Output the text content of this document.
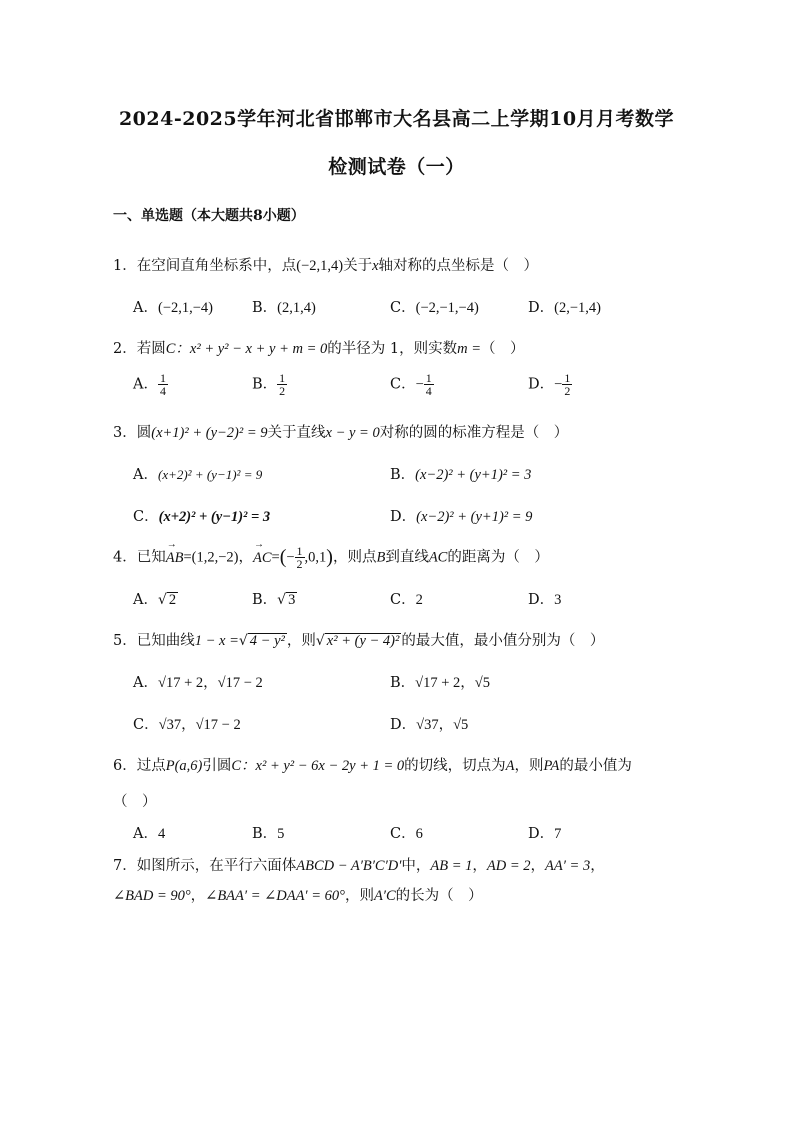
2024-2025学年河北省邯郸市大名县高二上学期10月月考数学
检测试卷（一）
一、单选题（本大题共8小题）
1．在空间直角坐标系中，点(−2,1,4)关于x轴对称的点坐标是（　）
A．(−2,1,−4)	B．(2,1,4)	C．(−2,−1,−4)	D．(2,−1,4)
2．若圆C：x² + y² − x + y + m = 0的半径为 1，则实数m =（　）
A． $\frac{1}{4}$	B． $\frac{1}{2}$	C．− $\frac{1}{4}$	D．− $\frac{1}{2}$
3．圆(x+1)² + (y−2)² = 9关于直线x − y = 0对称的圆的标准方程是（　）
A．(x+2)² + (y−1)² = 9	B．(x−2)² + (y+1)² = 3
C．(x+2)² + (y−1)² = 3	D．(x−2)² + (y+1)² = 9
4．已知→ AB=(1,2,−2)，→ $AC=(- \frac{1}{2} ,0,1)$，则点B到直线AC的距离为（　）
A．√ 2	B．√ 3	C．2	D．3
5．已知曲线1 − x =√ 4 − y² ，则√ x² + (y − 4)² 的最大值，最小值分别为（　）
A．√17 + 2，√17 − 2	B．√17 + 2，√5
C．√37，√17 − 2	D．√37，√5
6．过点P(a,6)引圆C：x² + y² − 6x − 2y + 1 = 0的切线，切点为A，则PA的最小值为
（　）
A．4	B．5	C．6	D．7
7．如图所示，在平行六面体ABCD − A′B′C′D′中，AB = 1，AD = 2，AA′ = 3，
∠BAD = 90°，∠BAA′ = ∠DAA′ = 60°，则A′C的长为（　）
